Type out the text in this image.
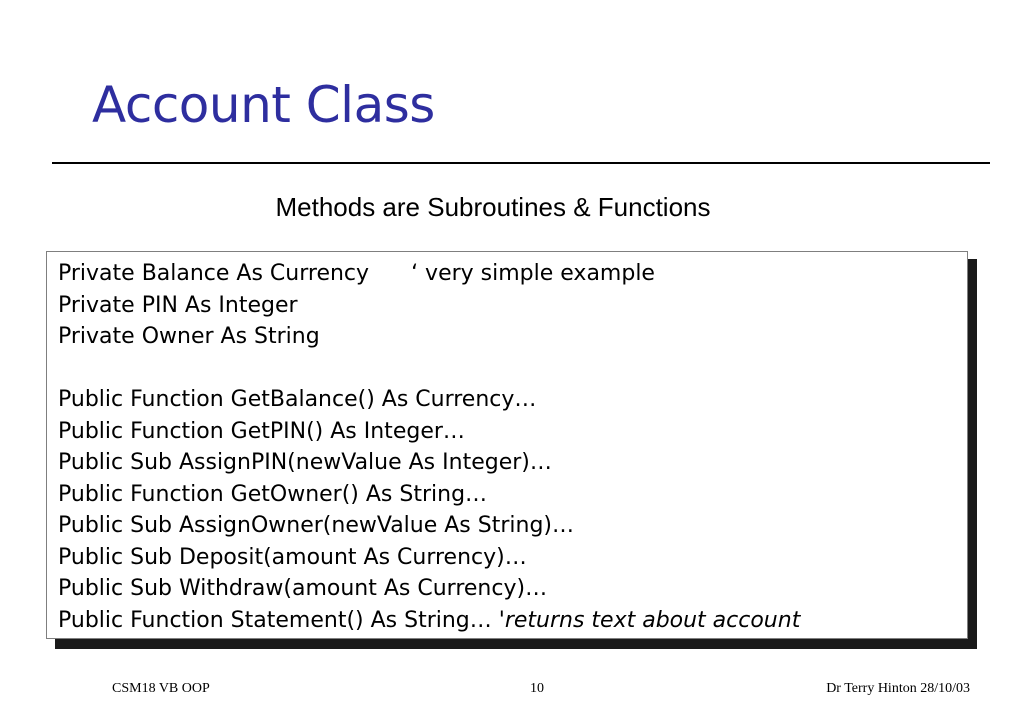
Account Class
Methods are Subroutines & Functions
Private Balance As Currency ‘ very simple example
Private PIN As Integer
Private Owner As String
Public Function GetBalance() As Currency…
Public Function GetPIN() As Integer…
Public Sub AssignPIN(newValue As Integer)…
Public Function GetOwner() As String…
Public Sub AssignOwner(newValue As String)…
Public Sub Deposit(amount As Currency)…
Public Sub Withdraw(amount As Currency)…
Public Function Statement() As String… 'returns text about account
CSM18 VB OOP	10	Dr Terry Hinton 28/10/03
